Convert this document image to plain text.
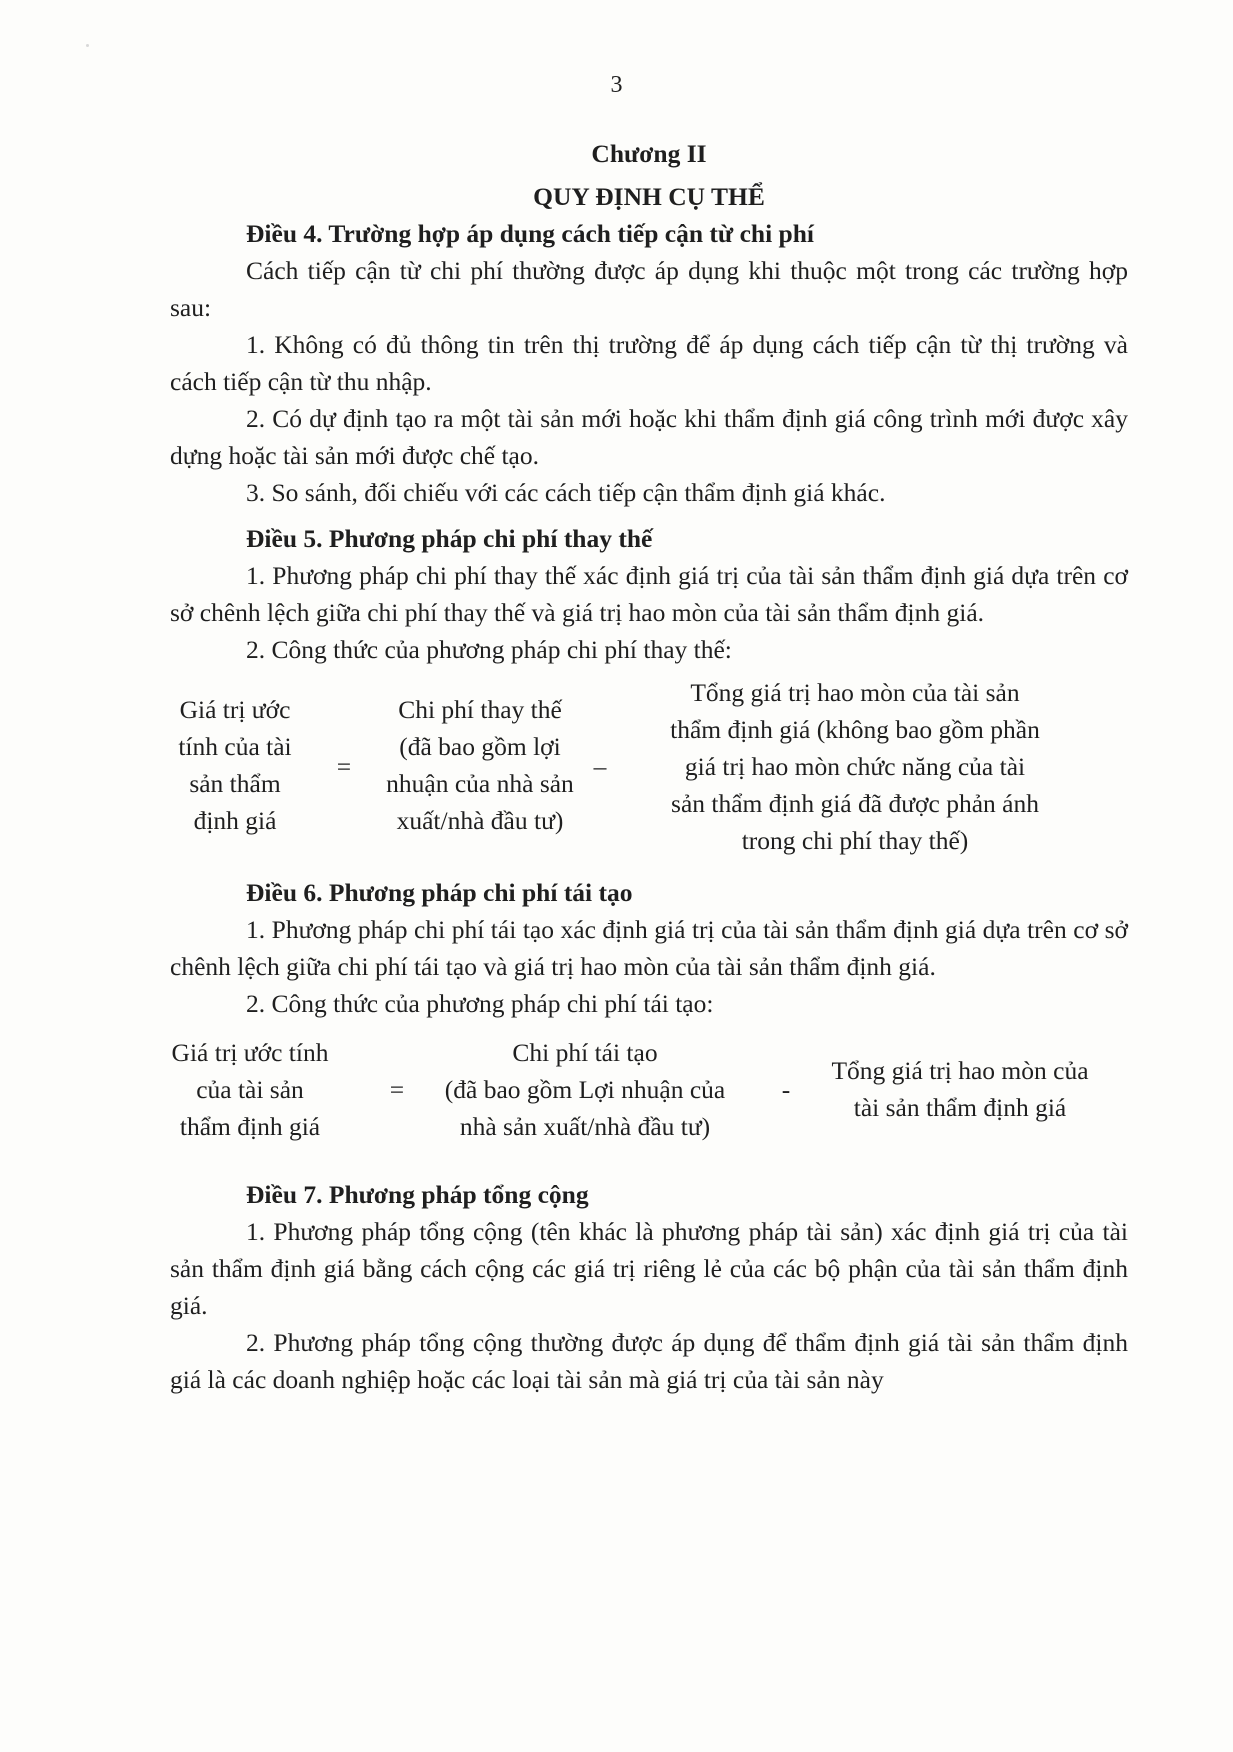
3
Chương II
QUY ĐỊNH CỤ THỂ
Điều 4. Trường hợp áp dụng cách tiếp cận từ chi phí

Cách tiếp cận từ chi phí thường được áp dụng khi thuộc một trong các trường hợp sau:

1. Không có đủ thông tin trên thị trường để áp dụng cách tiếp cận từ thị trường và cách tiếp cận từ thu nhập.

2. Có dự định tạo ra một tài sản mới hoặc khi thẩm định giá công trình mới được xây dựng hoặc tài sản mới được chế tạo.

3. So sánh, đối chiếu với các cách tiếp cận thẩm định giá khác.

Điều 5. Phương pháp chi phí thay thế

1. Phương pháp chi phí thay thế xác định giá trị của tài sản thẩm định giá dựa trên cơ sở chênh lệch giữa chi phí thay thế và giá trị hao mòn của tài sản thẩm định giá.

2. Công thức của phương pháp chi phí thay thế:

Giá trị ước
tính của tài
sản thẩm
định giá
=
Chi phí thay thế
(đã bao gồm lợi
nhuận của nhà sản
xuất/nhà đầu tư)
–
Tổng giá trị hao mòn của tài sản
thẩm định giá (không bao gồm phần
giá trị hao mòn chức năng của tài
sản thẩm định giá đã được phản ánh
trong chi phí thay thế)
Điều 6. Phương pháp chi phí tái tạo

1. Phương pháp chi phí tái tạo xác định giá trị của tài sản thẩm định giá dựa trên cơ sở chênh lệch giữa chi phí tái tạo và giá trị hao mòn của tài sản thẩm định giá.

2. Công thức của phương pháp chi phí tái tạo:

Giá trị ước tính
của tài sản
thẩm định giá
=
Chi phí tái tạo
(đã bao gồm Lợi nhuận của
nhà sản xuất/nhà đầu tư)
-
Tổng giá trị hao mòn của
tài sản thẩm định giá
Điều 7. Phương pháp tổng cộng

1. Phương pháp tổng cộng (tên khác là phương pháp tài sản) xác định giá trị của tài sản thẩm định giá bằng cách cộng các giá trị riêng lẻ của các bộ phận của tài sản thẩm định giá.

2. Phương pháp tổng cộng thường được áp dụng để thẩm định giá tài sản thẩm định giá là các doanh nghiệp hoặc các loại tài sản mà giá trị của tài sản này
